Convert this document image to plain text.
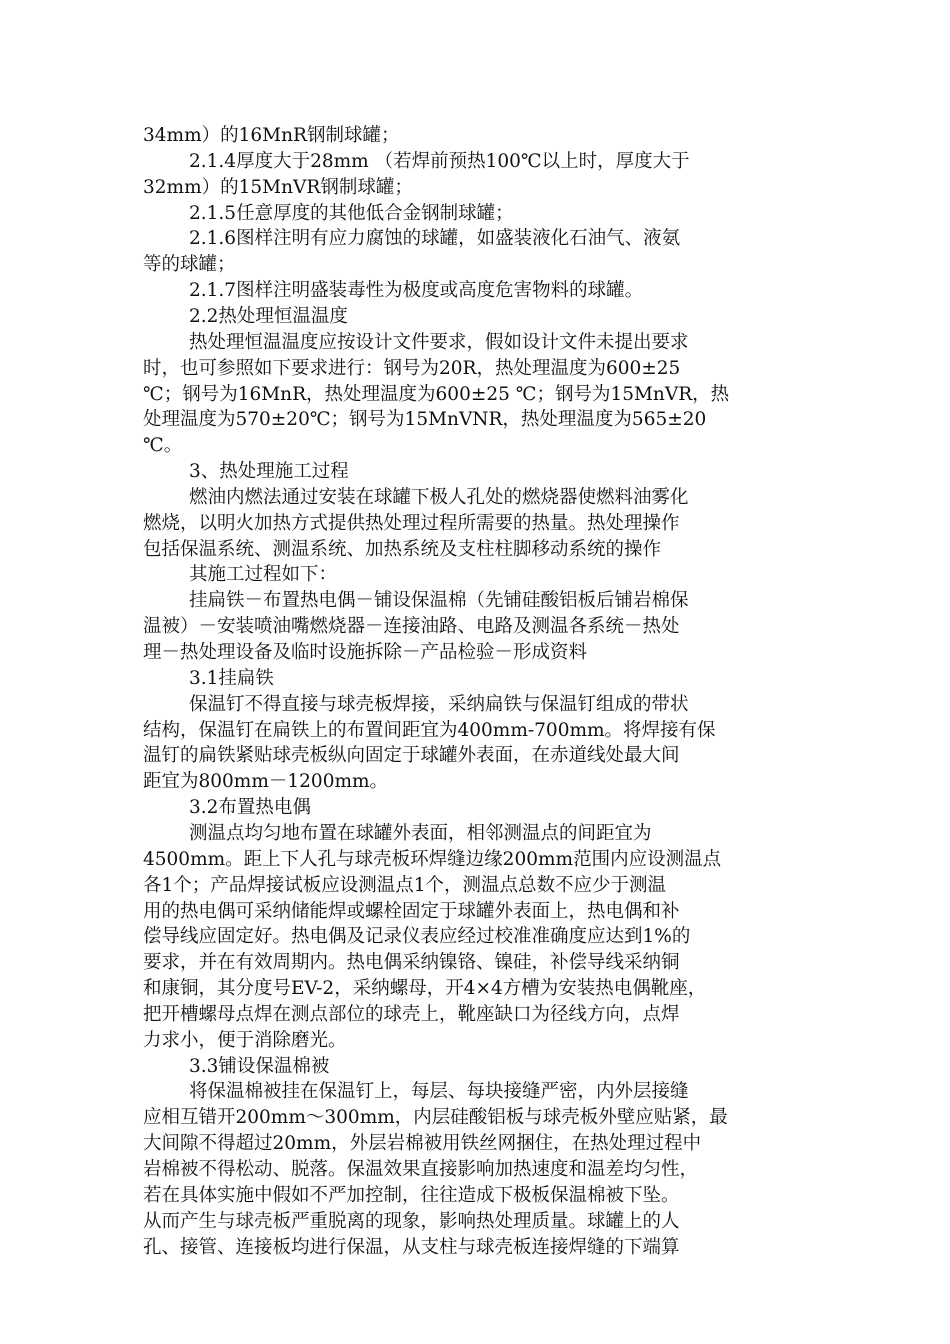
34mm）的16MnR钢制球罐；
2.1.4厚度大于28mm （若焊前预热100℃以上时，厚度大于
32mm）的15MnVR钢制球罐；
2.1.5任意厚度的其他低合金钢制球罐；
2.1.6图样注明有应力腐蚀的球罐，如盛装液化石油气、液氨
等的球罐；
2.1.7图样注明盛装毒性为极度或高度危害物料的球罐。
2.2热处理恒温温度
热处理恒温温度应按设计文件要求，假如设计文件未提出要求
时，也可参照如下要求进行：钢号为20R，热处理温度为600±25
℃；钢号为16MnR，热处理温度为600±25 ℃；钢号为15MnVR，热
处理温度为570±20℃；钢号为15MnVNR，热处理温度为565±20
℃。
3、热处理施工过程
燃油内燃法通过安装在球罐下极人孔处的燃烧器使燃料油雾化
燃烧，以明火加热方式提供热处理过程所需要的热量。热处理操作
包括保温系统、测温系统、加热系统及支柱柱脚移动系统的操作
其施工过程如下：
挂扁铁－布置热电偶－铺设保温棉（先铺硅酸铝板后铺岩棉保
温被）－安装喷油嘴燃烧器－连接油路、电路及测温各系统－热处
理－热处理设备及临时设施拆除－产品检验－形成资料
3.1挂扁铁
保温钉不得直接与球壳板焊接，采纳扁铁与保温钉组成的带状
结构，保温钉在扁铁上的布置间距宜为400mm-700mm。将焊接有保
温钉的扁铁紧贴球壳板纵向固定于球罐外表面，在赤道线处最大间
距宜为800mm－1200mm。
3.2布置热电偶
测温点均匀地布置在球罐外表面，相邻测温点的间距宜为
4500mm。距上下人孔与球壳板环焊缝边缘200mm范围内应设测温点
各1个；产品焊接试板应设测温点1个，测温点总数不应少于测温
用的热电偶可采纳储能焊或螺栓固定于球罐外表面上，热电偶和补
偿导线应固定好。热电偶及记录仪表应经过校准准确度应达到1%的
要求，并在有效周期内。热电偶采纳镍铬、镍硅，补偿导线采纳铜
和康铜，其分度号EV-2，采纳螺母，开4×4方槽为安装热电偶靴座，
把开槽螺母点焊在测点部位的球壳上，靴座缺口为径线方向，点焊
力求小，便于消除磨光。
3.3铺设保温棉被
将保温棉被挂在保温钉上，每层、每块接缝严密，内外层接缝
应相互错开200mm～300mm，内层硅酸铝板与球壳板外壁应贴紧，最
大间隙不得超过20mm，外层岩棉被用铁丝网捆住，在热处理过程中
岩棉被不得松动、脱落。保温效果直接影响加热速度和温差均匀性，
若在具体实施中假如不严加控制，往往造成下极板保温棉被下坠。
从而产生与球壳板严重脱离的现象，影响热处理质量。球罐上的人
孔、接管、连接板均进行保温，从支柱与球壳板连接焊缝的下端算
